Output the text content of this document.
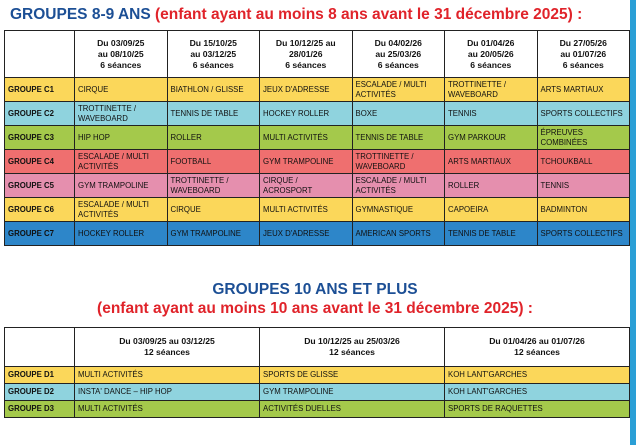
GROUPES 8-9 ANS (enfant ayant au moins 8 ans avant le 31 décembre 2025) :

	Du 03/09/25
au 08/10/25
6 séances	Du 15/10/25
au 03/12/25
6 séances	Du 10/12/25 au
28/01/26
6 séances	Du 04/02/26
au 25/03/26
6 séances	Du 01/04/26
au 20/05/26
6 séances	Du 27/05/26
au 01/07/26
6 séances

GROUPE C1	CIRQUE	BIATHLON / GLISSE	JEUX D'ADRESSE	ESCALADE / MULTI ACTIVITÉS	TROTTINETTE / WAVEBOARD	ARTS MARTIAUX
GROUPE C2	TROTTINETTE / WAVEBOARD	TENNIS DE TABLE	HOCKEY ROLLER	BOXE	TENNIS	SPORTS COLLECTIFS
GROUPE C3	HIP HOP	ROLLER	MULTI ACTIVITÉS	TENNIS DE TABLE	GYM PARKOUR	ÉPREUVES COMBINÉES
GROUPE C4	ESCALADE / MULTI ACTIVITÉS	FOOTBALL	GYM TRAMPOLINE	TROTTINETTE / WAVEBOARD	ARTS MARTIAUX	TCHOUKBALL
GROUPE C5	GYM TRAMPOLINE	TROTTINETTE / WAVEBOARD	CIRQUE / ACROSPORT	ESCALADE / MULTI ACTIVITÉS	ROLLER	TENNIS
GROUPE C6	ESCALADE / MULTI ACTIVITÉS	CIRQUE	MULTI ACTIVITÉS	GYMNASTIQUE	CAPOEIRA	BADMINTON
GROUPE C7	HOCKEY ROLLER	GYM TRAMPOLINE	JEUX D'ADRESSE	AMERICAN SPORTS	TENNIS DE TABLE	SPORTS COLLECTIFS
GROUPES 10 ANS ET PLUS
(enfant ayant au moins 10 ans avant le 31 décembre 2025) :

	Du 03/09/25 au 03/12/25
12 séances	Du 10/12/25 au 25/03/26
12 séances	Du 01/04/26 au 01/07/26
12 séances

GROUPE D1	MULTI ACTIVITÉS	SPORTS DE GLISSE	KOH LANT'GARCHES
GROUPE D2	INSTA' DANCE – HIP HOP	GYM TRAMPOLINE	KOH LANT'GARCHES
GROUPE D3	MULTI ACTIVITÉS	ACTIVITÉS DUELLES	SPORTS DE RAQUETTES
